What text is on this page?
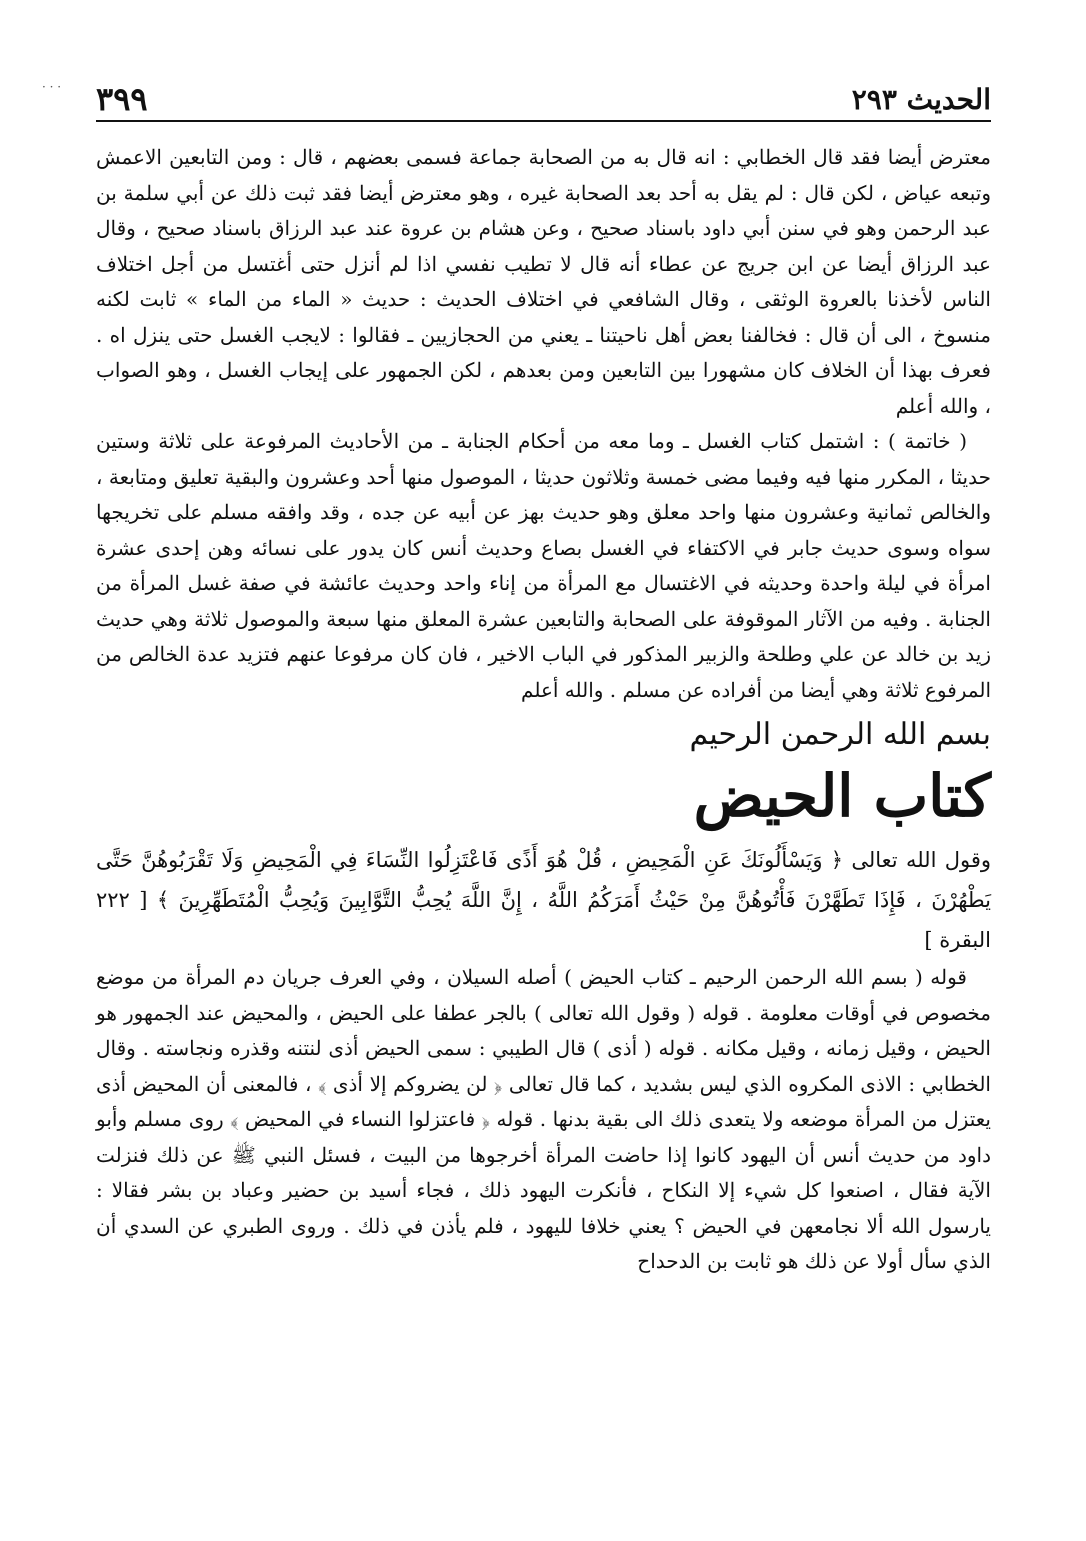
· · ·	الحديث ٢٩٣
٣٩٩

معترض أيضا فقد قال الخطابي : انه قال به من الصحابة جماعة فسمى بعضهم ، قال : ومن التابعين الاعمش وتبعه عياض ، لكن قال : لم يقل به أحد بعد الصحابة غيره ، وهو معترض أيضا فقد ثبت ذلك عن أبي سلمة بن عبد الرحمن وهو في سنن أبي داود باسناد صحيح ، وعن هشام بن عروة عند عبد الرزاق باسناد صحيح ، وقال عبد الرزاق أيضا عن ابن جريج عن عطاء أنه قال لا تطيب نفسي اذا لم أنزل حتى أغتسل من أجل اختلاف الناس لأخذنا بالعروة الوثقى ، وقال الشافعي في اختلاف الحديث : حديث « الماء من الماء » ثابت لكنه منسوخ ، الى أن قال : فخالفنا بعض أهل ناحيتنا ـ يعني من الحجازيين ـ فقالوا : لايجب الغسل حتى ينزل اه . فعرف بهذا أن الخلاف كان مشهورا بين التابعين ومن بعدهم ، لكن الجمهور على إيجاب الغسل ، وهو الصواب ، والله أعلم

( خاتمة ) : اشتمل كتاب الغسل ـ وما معه من أحكام الجنابة ـ من الأحاديث المرفوعة على ثلاثة وستين حديثا ، المكرر منها فيه وفيما مضى خمسة وثلاثون حديثا ، الموصول منها أحد وعشرون والبقية تعليق ومتابعة ، والخالص ثمانية وعشرون منها واحد معلق وهو حديث بهز عن أبيه عن جده ، وقد وافقه مسلم على تخريجها سواه وسوى حديث جابر في الاكتفاء في الغسل بصاع وحديث أنس كان يدور على نسائه وهن إحدى عشرة امرأة في ليلة واحدة وحديثه في الاغتسال مع المرأة من إناء واحد وحديث عائشة في صفة غسل المرأة من الجنابة . وفيه من الآثار الموقوفة على الصحابة والتابعين عشرة المعلق منها سبعة والموصول ثلاثة وهي حديث زيد بن خالد عن علي وطلحة والزبير المذكور في الباب الاخير ، فان كان مرفوعا عنهم فتزيد عدة الخالص من المرفوع ثلاثة وهي أيضا من أفراده عن مسلم . والله أعلم

بسم الله الرحمن الرحيم
كتاب الحيض

وقول الله تعالى ﴿ وَيَسْأَلُونَكَ عَنِ الْمَحِيضِ ، قُلْ هُوَ أَذًى فَاعْتَزِلُوا النِّسَاءَ فِي الْمَحِيضِ وَلَا تَقْرَبُوهُنَّ حَتَّى يَطْهُرْنَ ، فَإِذَا تَطَهَّرْنَ فَأْتُوهُنَّ مِنْ حَيْثُ أَمَرَكُمُ اللَّهُ ، إِنَّ اللَّهَ يُحِبُّ التَّوَّابِينَ وَيُحِبُّ الْمُتَطَهِّرِينَ ﴾ [ ٢٢٢ البقرة ]

قوله ( بسم الله الرحمن الرحيم ـ كتاب الحيض ) أصله السيلان ، وفي العرف جريان دم المرأة من موضع مخصوص في أوقات معلومة . قوله ( وقول الله تعالى ) بالجر عطفا على الحيض ، والمحيض عند الجمهور هو الحيض ، وقيل زمانه ، وقيل مكانه . قوله ( أذى ) قال الطيبي : سمى الحيض أذى لنتنه وقذره ونجاسته . وقال الخطابي : الاذى المكروه الذي ليس بشديد ، كما قال تعالى ﴿ لن يضروكم إلا أذى ﴾ ، فالمعنى أن المحيض أذى يعتزل من المرأة موضعه ولا يتعدى ذلك الى بقية بدنها . قوله ﴿ فاعتزلوا النساء في المحيض ﴾ روى مسلم وأبو داود من حديث أنس أن اليهود كانوا إذا حاضت المرأة أخرجوها من البيت ، فسئل النبي ﷺ عن ذلك فنزلت الآية فقال ، اصنعوا كل شيء إلا النكاح ، فأنكرت اليهود ذلك ، فجاء أسيد بن حضير وعباد بن بشر فقالا : يارسول الله ألا نجامعهن في الحيض ؟ يعني خلافا لليهود ، فلم يأذن في ذلك . وروى الطبري عن السدي أن الذي سأل أولا عن ذلك هو ثابت بن الدحداح
